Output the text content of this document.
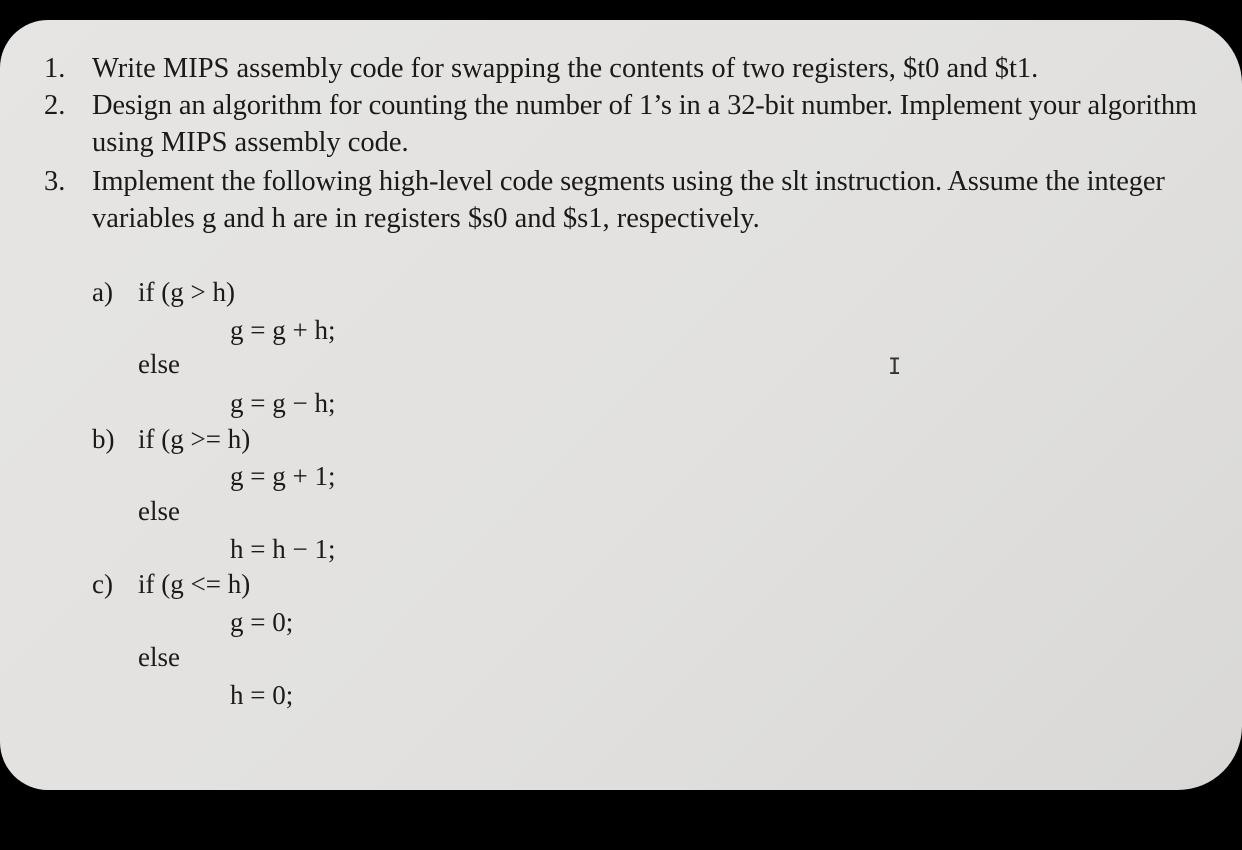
1. Write MIPS assembly code for swapping the contents of two registers, $t0 and $t1.
2. Design an algorithm for counting the number of 1’s in a 32-bit number. Implement your algorithm
using MIPS assembly code.
3. Implement the following high-level code segments using the slt instruction. Assume the integer
variables g and h are in registers $s0 and $s1, respectively.
a) if (g > h)
g = g + h;
else
g = g − h;
b) if (g >= h)
g = g + 1;
else
h = h − 1;
c) if (g <= h)
g = 0;
else
h = 0;
I
